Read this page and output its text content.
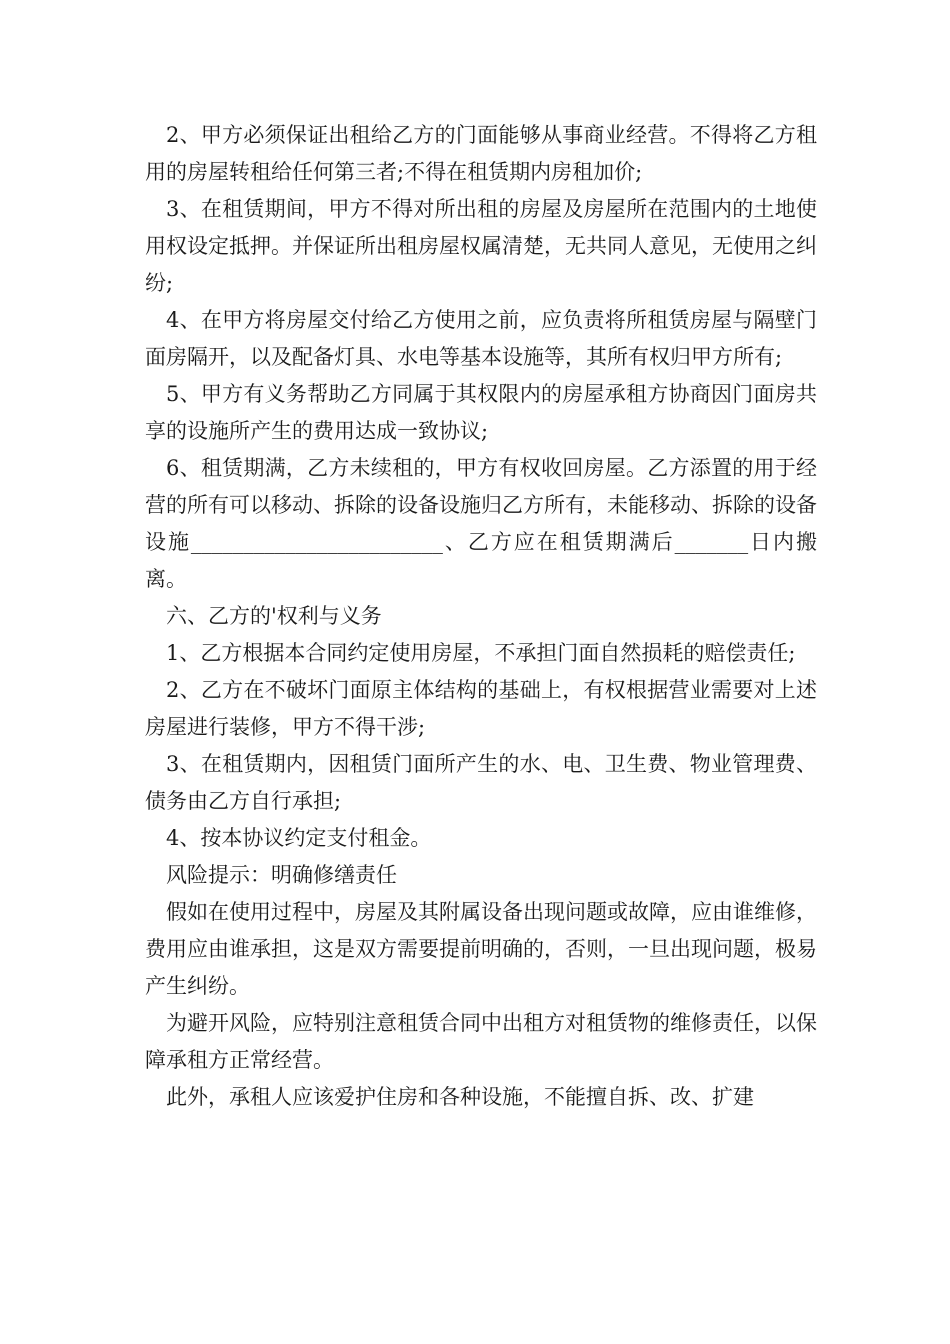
2、甲方必须保证出租给乙方的门面能够从事商业经营。不得将乙方租用的房屋转租给任何第三者;不得在租赁期内房租加价;

3、在租赁期间，甲方不得对所出租的房屋及房屋所在范围内的土地使用权设定抵押。并保证所出租房屋权属清楚，无共同人意见，无使用之纠纷;

4、在甲方将房屋交付给乙方使用之前，应负责将所租赁房屋与隔壁门面房隔开，以及配备灯具、水电等基本设施等，其所有权归甲方所有;

5、甲方有义务帮助乙方同属于其权限内的房屋承租方协商因门面房共享的设施所产生的费用达成一致协议;

6、租赁期满，乙方未续租的，甲方有权收回房屋。乙方添置的用于经营的所有可以移动、拆除的设备设施归乙方所有，未能移动、拆除的设备设施________________________、乙方应在租赁期满后_______日内搬离。

六、乙方的'权利与义务

1、乙方根据本合同约定使用房屋，不承担门面自然损耗的赔偿责任;

2、乙方在不破坏门面原主体结构的基础上，有权根据营业需要对上述房屋进行装修，甲方不得干涉;

3、在租赁期内，因租赁门面所产生的水、电、卫生费、物业管理费、债务由乙方自行承担;

4、按本协议约定支付租金。

风险提示：明确修缮责任

假如在使用过程中，房屋及其附属设备出现问题或故障，应由谁维修，费用应由谁承担，这是双方需要提前明确的，否则，一旦出现问题，极易产生纠纷。

为避开风险，应特别注意租赁合同中出租方对租赁物的维修责任，以保障承租方正常经营。

此外，承租人应该爱护住房和各种设施，不能擅自拆、改、扩建
